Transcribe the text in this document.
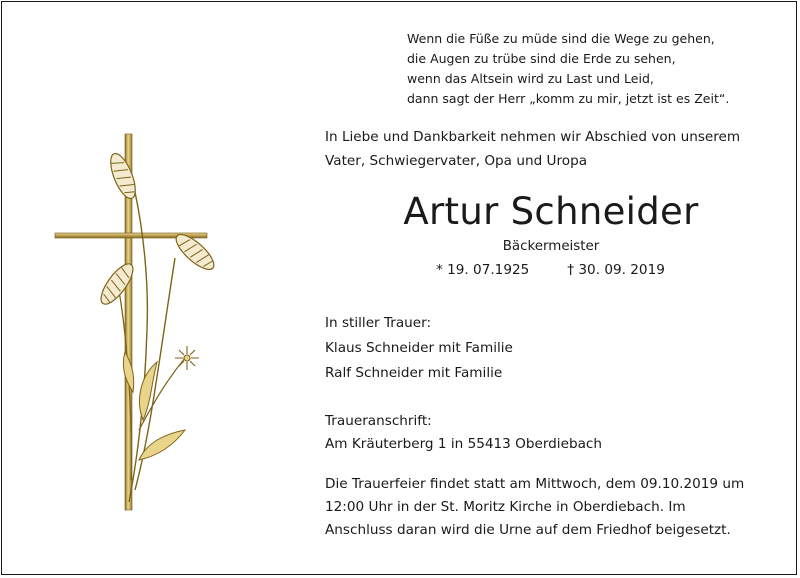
Wenn die Füße zu müde sind die Wege zu gehen,
die Augen zu trübe sind die Erde zu sehen,
wenn das Altsein wird zu Last und Leid,
dann sagt der Herr „komm zu mir, jetzt ist es Zeit“.
In Liebe und Dankbarkeit nehmen wir Abschied von unserem
Vater, Schwiegervater, Opa und Uropa
Artur Schneider
Bäckermeister
* 19. 07.1925	† 30. 09. 2019
In stiller Trauer:
Klaus Schneider mit Familie
Ralf Schneider mit Familie
Traueranschrift:
Am Kräuterberg 1 in 55413 Oberdiebach
Die Trauerfeier findet statt am Mittwoch, dem 09.10.2019 um
12:00 Uhr in der St. Moritz Kirche in Oberdiebach. Im
Anschluss daran wird die Urne auf dem Friedhof beigesetzt.
